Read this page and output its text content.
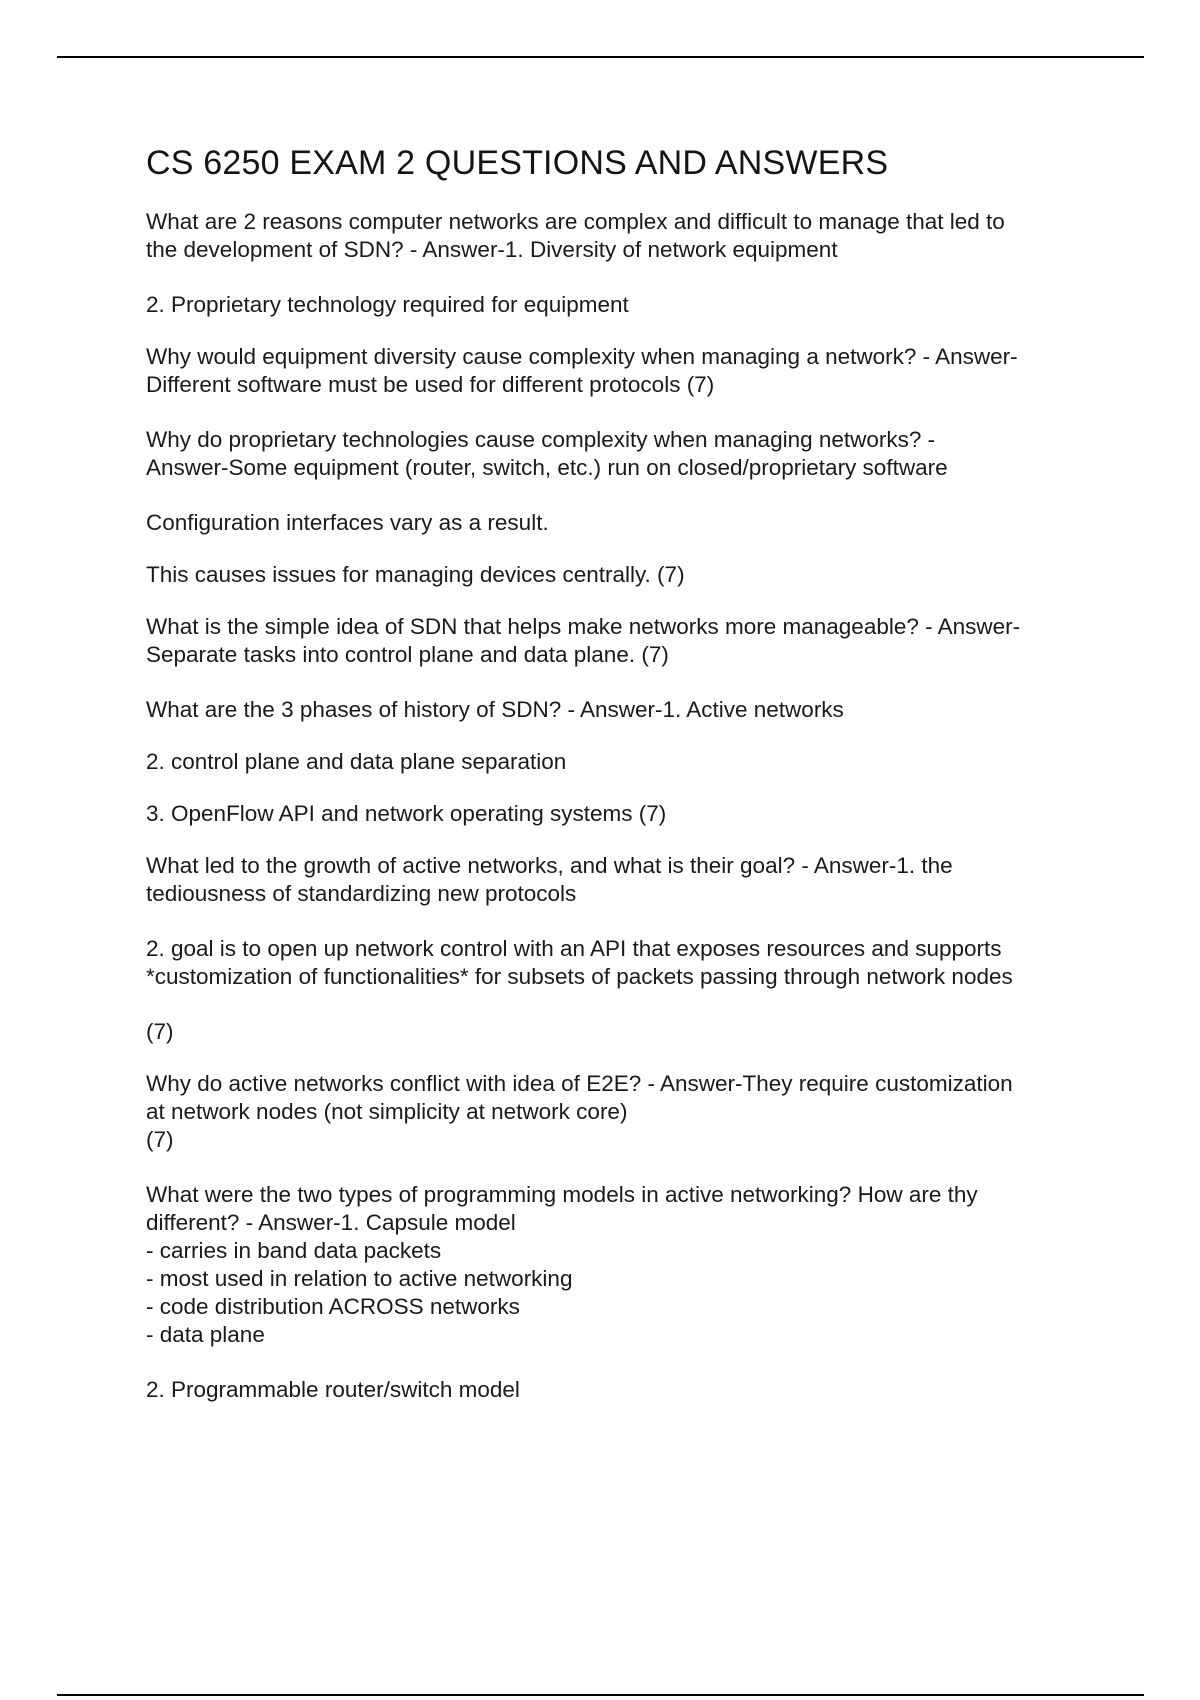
CS 6250 EXAM 2 QUESTIONS AND ANSWERS

What are 2 reasons computer networks are complex and difficult to manage that led to
the development of SDN? - Answer-1. Diversity of network equipment

2. Proprietary technology required for equipment

Why would equipment diversity cause complexity when managing a network? - Answer-
Different software must be used for different protocols (7)

Why do proprietary technologies cause complexity when managing networks? -
Answer-Some equipment (router, switch, etc.) run on closed/proprietary software

Configuration interfaces vary as a result.

This causes issues for managing devices centrally. (7)

What is the simple idea of SDN that helps make networks more manageable? - Answer-
Separate tasks into control plane and data plane. (7)

What are the 3 phases of history of SDN? - Answer-1. Active networks

2. control plane and data plane separation

3. OpenFlow API and network operating systems (7)

What led to the growth of active networks, and what is their goal? - Answer-1. the
tediousness of standardizing new protocols

2. goal is to open up network control with an API that exposes resources and supports
*customization of functionalities* for subsets of packets passing through network nodes

(7)

Why do active networks conflict with idea of E2E? - Answer-They require customization
at network nodes (not simplicity at network core)
(7)

What were the two types of programming models in active networking? How are thy
different? - Answer-1. Capsule model
- carries in band data packets
- most used in relation to active networking
- code distribution ACROSS networks
- data plane

2. Programmable router/switch model
